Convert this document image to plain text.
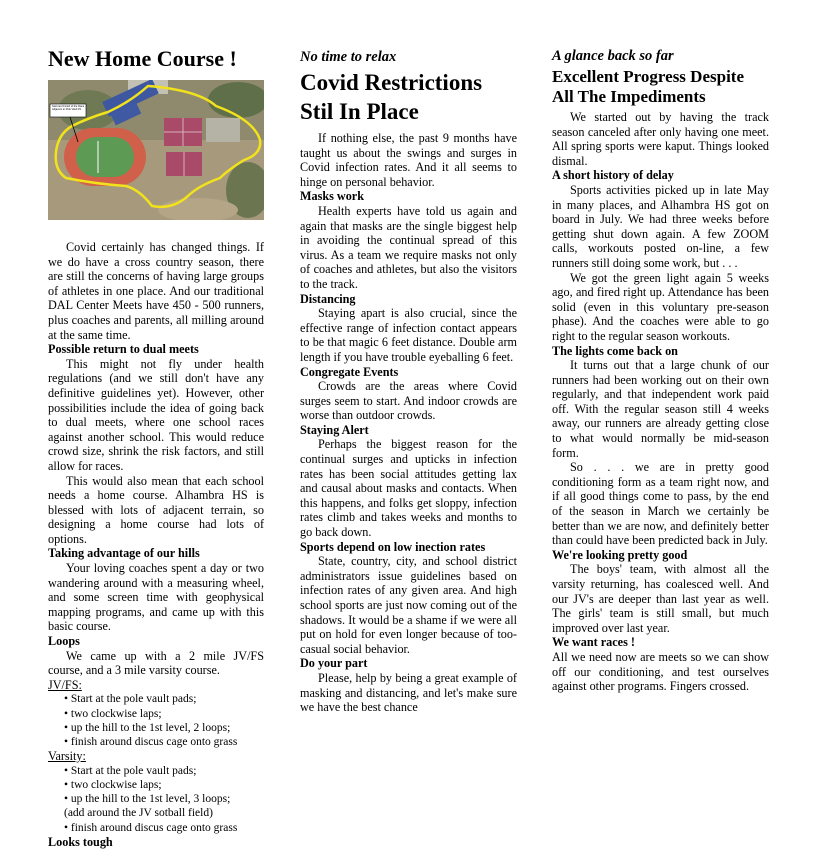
New Home Course !
Start and Finish of the Race Adjacent to Pole Vault Pit

Covid certainly has changed things. If we do have a cross country season, there are still the concerns of having large groups of athletes in one place. And our traditional DAL Center Meets have 450 - 500 runners, plus coaches and parents, all milling around at the same time.

Possible return to dual meets

This might not fly under health regulations (and we still don't have any definitive guidelines yet). However, other possibilities include the idea of going back to dual meets, where one school races against another school. This would reduce crowd size, shrink the risk factors, and still allow for races.

This would also mean that each school needs a home course. Alhambra HS is blessed with lots of adjacent terrain, so designing a home course had lots of options.

Taking advantage of our hills

Your loving coaches spent a day or two wandering around with a measuring wheel, and some screen time with geophysical mapping programs, and came up with this basic course.

Loops

We came up with a 2 mile JV/FS course, and a 3 mile varsity course.

JV/FS:

• Start at the pole vault pads;

• two clockwise laps;

• up the hill to the 1st level, 2 loops;

• finish around discus cage onto grass

Varsity:

• Start at the pole vault pads;

• two clockwise laps;

• up the hill to the 1st level, 3 loops;

(add around the JV sotball field)

• finish around discus cage onto grass

Looks tough

No time to relax
Covid Restrictions
Stil In Place

If nothing else, the past 9 months have taught us about the swings and surges in Covid infection rates. And it all seems to hinge on personal behavior.

Masks work

Health experts have told us again and again that masks are the single biggest help in avoiding the continual spread of this virus. As a team we require masks not only of coaches and athletes, but also the visitors to the track.

Distancing

Staying apart is also crucial, since the effective range of infection contact appears to be that magic 6 feet distance. Double arm length if you have trouble eyeballing 6 feet.

Congregate Events

Crowds are the areas where Covid surges seem to start. And indoor crowds are worse than outdoor crowds.

Staying Alert

Perhaps the biggest reason for the continual surges and upticks in infection rates has been social attitudes getting lax and causal about masks and contacts. When this happens, and folks get sloppy, infection rates climb and takes weeks and months to go back down.

Sports depend on low inection rates

State, country, city, and school district administrators issue guidelines based on infection rates of any given area. And high school sports are just now coming out of the shadows. It would be a shame if we were all put on hold for even longer because of too-casual social behavior.

Do your part

Please, help by being a great example of masking and distancing, and let's make sure we have the best chance

A glance back so far
Excellent Progress Despite
All The Impediments

We started out by having the track season canceled after only having one meet. All spring sports were kaput. Things looked dismal.

A short history of delay

Sports activities picked up in late May in many places, and Alhambra HS got on board in July. We had three weeks before getting shut down again. A few ZOOM calls, workouts posted on-line, a few runners still doing some work, but . . .

We got the green light again 5 weeks ago, and fired right up. Attendance has been solid (even in this voluntary pre-season phase). And the coaches were able to go right to the regular season workouts.

The lights come back on

It turns out that a large chunk of our runners had been working out on their own regularly, and that independent work paid off. With the regular season still 4 weeks away, our runners are already getting close to what would normally be mid-season form.

So . . . we are in pretty good conditioning form as a team right now, and if all good things come to pass, by the end of the season in March we certainly be better than we are now, and definitely better than could have been predicted back in July.

We're looking pretty good

The boys' team, with almost all the varsity returning, has coalesced well. And our JV's are deeper than last year as well. The girls' team is still small, but much improved over last year.

We want races !

All we need now are meets so we can show off our conditioning, and test ourselves against other programs. Fingers crossed.
